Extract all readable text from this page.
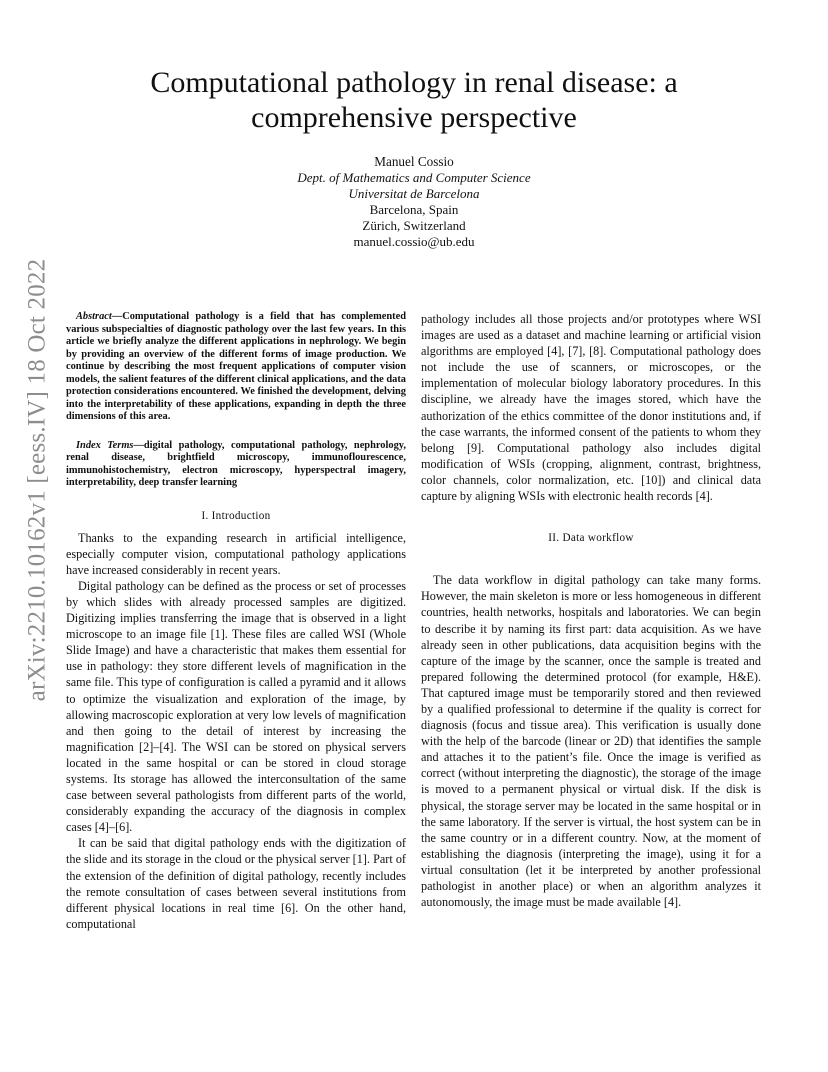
arXiv:2210.10162v1 [eess.IV] 18 Oct 2022
Computational pathology in renal disease: a
comprehensive perspective
Manuel Cossio
Dept. of Mathematics and Computer Science
Universitat de Barcelona
Barcelona, Spain
Zürich, Switzerland
manuel.cossio@ub.edu

Abstract—Computational pathology is a field that has complemented various subspecialties of diagnostic pathology over the last few years. In this article we briefly analyze the different applications in nephrology. We begin by providing an overview of the different forms of image production. We continue by describing the most frequent applications of computer vision models, the salient features of the different clinical applications, and the data protection considerations encountered. We finished the development, delving into the interpretability of these applications, expanding in depth the three dimensions of this area.

Index Terms—digital pathology, computational pathology, nephrology, renal disease, brightfield microscopy, immunoflourescence, immunohistochemistry, electron microscopy, hyperspectral imagery, interpretability, deep transfer learning

I. Introduction

Thanks to the expanding research in artificial intelligence, especially computer vision, computational pathology applications have increased considerably in recent years.

Digital pathology can be defined as the process or set of processes by which slides with already processed samples are digitized. Digitizing implies transferring the image that is observed in a light microscope to an image file [1]. These files are called WSI (Whole Slide Image) and have a characteristic that makes them essential for use in pathology: they store different levels of magnification in the same file. This type of configuration is called a pyramid and it allows to optimize the visualization and exploration of the image, by allowing macroscopic exploration at very low levels of magnification and then going to the detail of interest by increasing the magnification [2]–[4]. The WSI can be stored on physical servers located in the same hospital or can be stored in cloud storage systems. Its storage has allowed the interconsultation of the same case between several pathologists from different parts of the world, considerably expanding the accuracy of the diagnosis in complex cases [4]–[6].

It can be said that digital pathology ends with the digitization of the slide and its storage in the cloud or the physical server [1]. Part of the extension of the definition of digital pathology, recently includes the remote consultation of cases between several institutions from different physical locations in real time [6]. On the other hand, computational

pathology includes all those projects and/or prototypes where WSI images are used as a dataset and machine learning or artificial vision algorithms are employed [4], [7], [8]. Computational pathology does not include the use of scanners, or microscopes, or the implementation of molecular biology laboratory procedures. In this discipline, we already have the images stored, which have the authorization of the ethics committee of the donor institutions and, if the case warrants, the informed consent of the patients to whom they belong [9]. Computational pathology also includes digital modification of WSIs (cropping, alignment, contrast, brightness, color channels, color normalization, etc. [10]) and clinical data capture by aligning WSIs with electronic health records [4].

II. Data workflow

The data workflow in digital pathology can take many forms. However, the main skeleton is more or less homogeneous in different countries, health networks, hospitals and laboratories. We can begin to describe it by naming its first part: data acquisition. As we have already seen in other publications, data acquisition begins with the capture of the image by the scanner, once the sample is treated and prepared following the determined protocol (for example, H&E). That captured image must be temporarily stored and then reviewed by a qualified professional to determine if the quality is correct for diagnosis (focus and tissue area). This verification is usually done with the help of the barcode (linear or 2D) that identifies the sample and attaches it to the patient’s file. Once the image is verified as correct (without interpreting the diagnostic), the storage of the image is moved to a permanent physical or virtual disk. If the disk is physical, the storage server may be located in the same hospital or in the same laboratory. If the server is virtual, the host system can be in the same country or in a different country. Now, at the moment of establishing the diagnosis (interpreting the image), using it for a virtual consultation (let it be interpreted by another professional pathologist in another place) or when an algorithm analyzes it autonomously, the image must be made available [4].
